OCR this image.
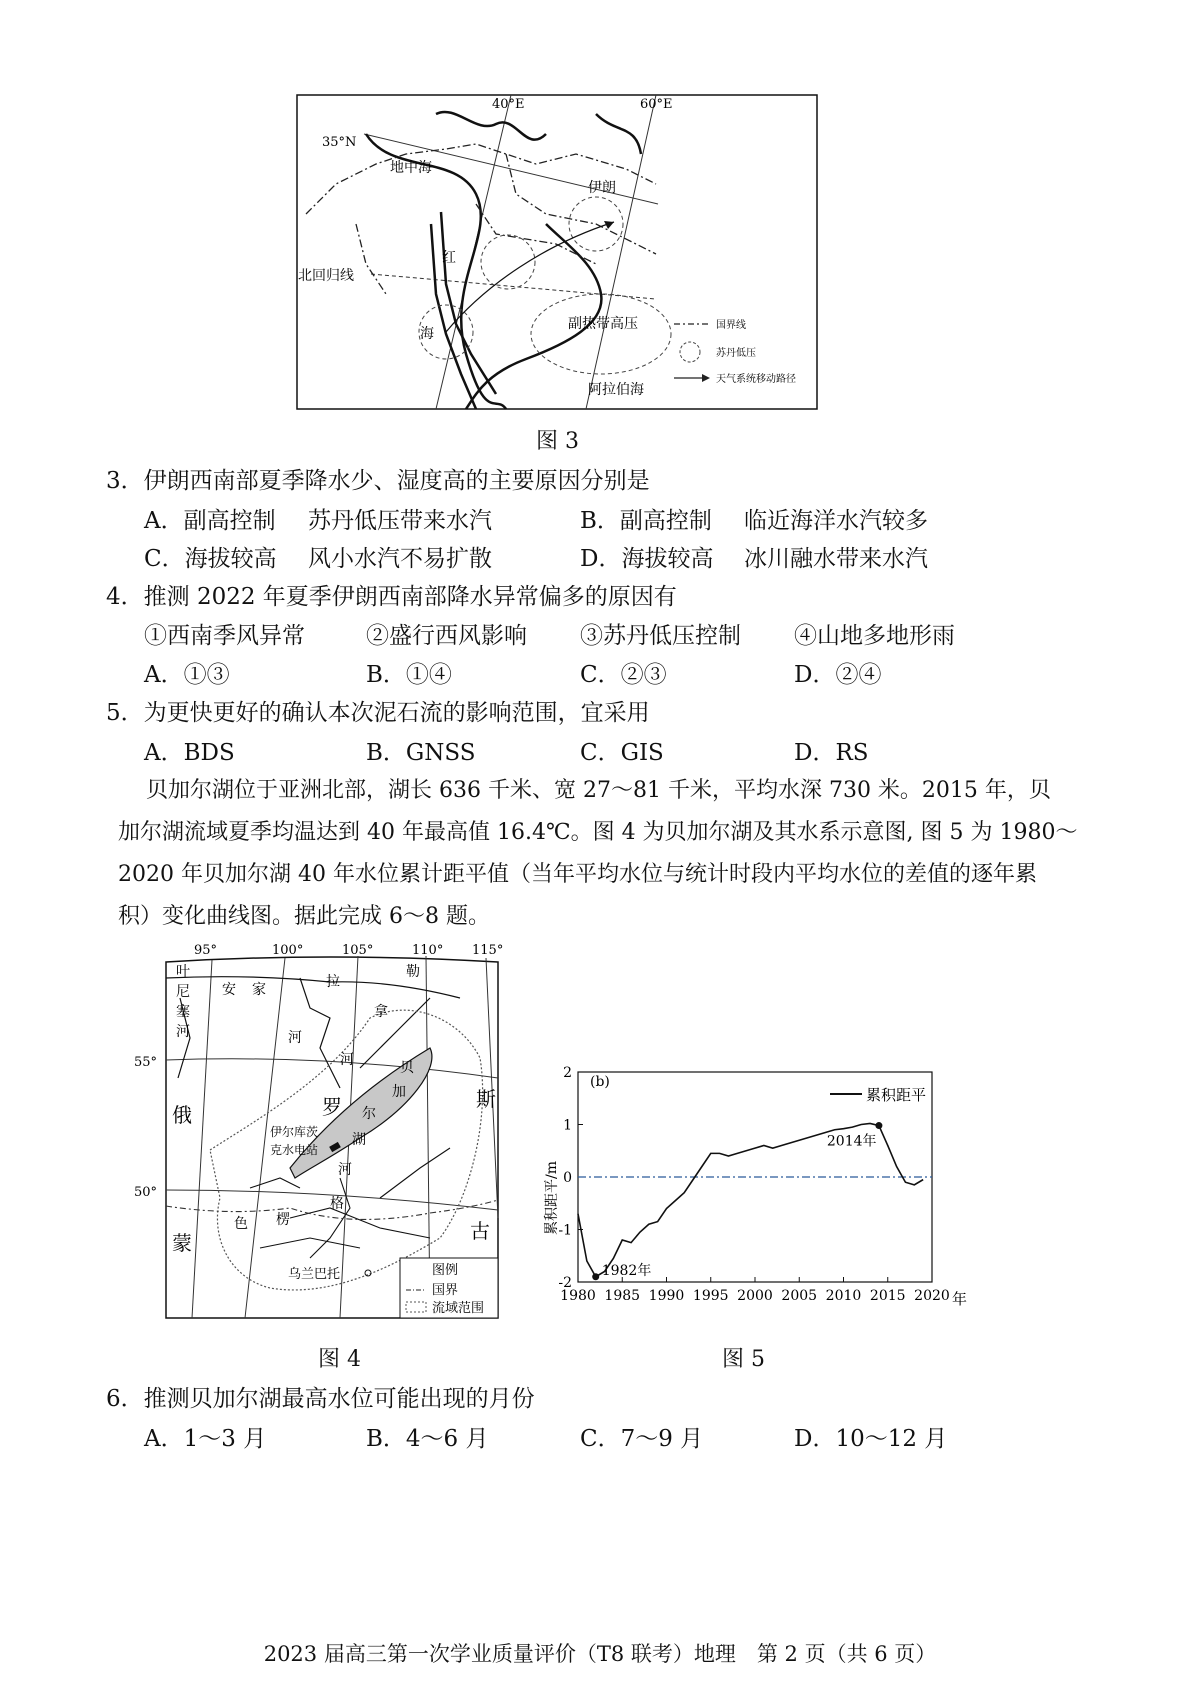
40°E	60°E
35°N
地中海
伊朗
红
海
北回归线
副热带高压
阿拉伯海
国界线
苏丹低压
天气系统移动路径
图 3
3．伊朗西南部夏季降水少、湿度高的主要原因分别是
A．副高控制 苏丹低压带来水汽	B．副高控制 临近海洋水汽较多
C．海拔较高 风小水汽不易扩散	D．海拔较高 冰川融水带来水汽
4．推测 2022 年夏季伊朗西南部降水异常偏多的原因有
①西南季风异常	②盛行西风影响 ③苏丹低压控制 ④山地多地形雨
A．①③	B．①④	C．②③	D．②④
5．为更快更好的确认本次泥石流的影响范围，宜采用
A．BDS	B．GNSS	C．GIS	D．RS
贝加尔湖位于亚洲北部，湖长 636 千米、宽 27～81 千米，平均水深 730 米。2015 年，贝
加尔湖流域夏季均温达到 40 年最高值 16.4℃。图 4 为贝加尔湖及其水系示意图, 图 5 为 1980～
2020 年贝加尔湖 40 年水位累计距平值（当年平均水位与统计时段内平均水位的差值的逐年累
积）变化曲线图。据此完成 6～8 题。
95°	100°	105°	110° 115°
55°
50°
叶
尼
塞
河
安 家	拉
河
勒
拿
河
俄	罗	斯
贝
加
尔
湖
伊尔库茨
克水电站
色 楞
格
河
蒙	古
乌兰巴托	图例
国界
流域范围
图 4
(b)
累积距平/m
累积距平
年
1980 1985 1990 1995 2000 2005 2010 2015 2020
-2
-1
0
1
2
1982年
2014年
图 5
6．推测贝加尔湖最高水位可能出现的月份
A．1～3 月	B．4～6 月	C．7～9 月	D．10～12 月
2023 届高三第一次学业质量评价（T8 联考）地理　第 2 页（共 6 页）
